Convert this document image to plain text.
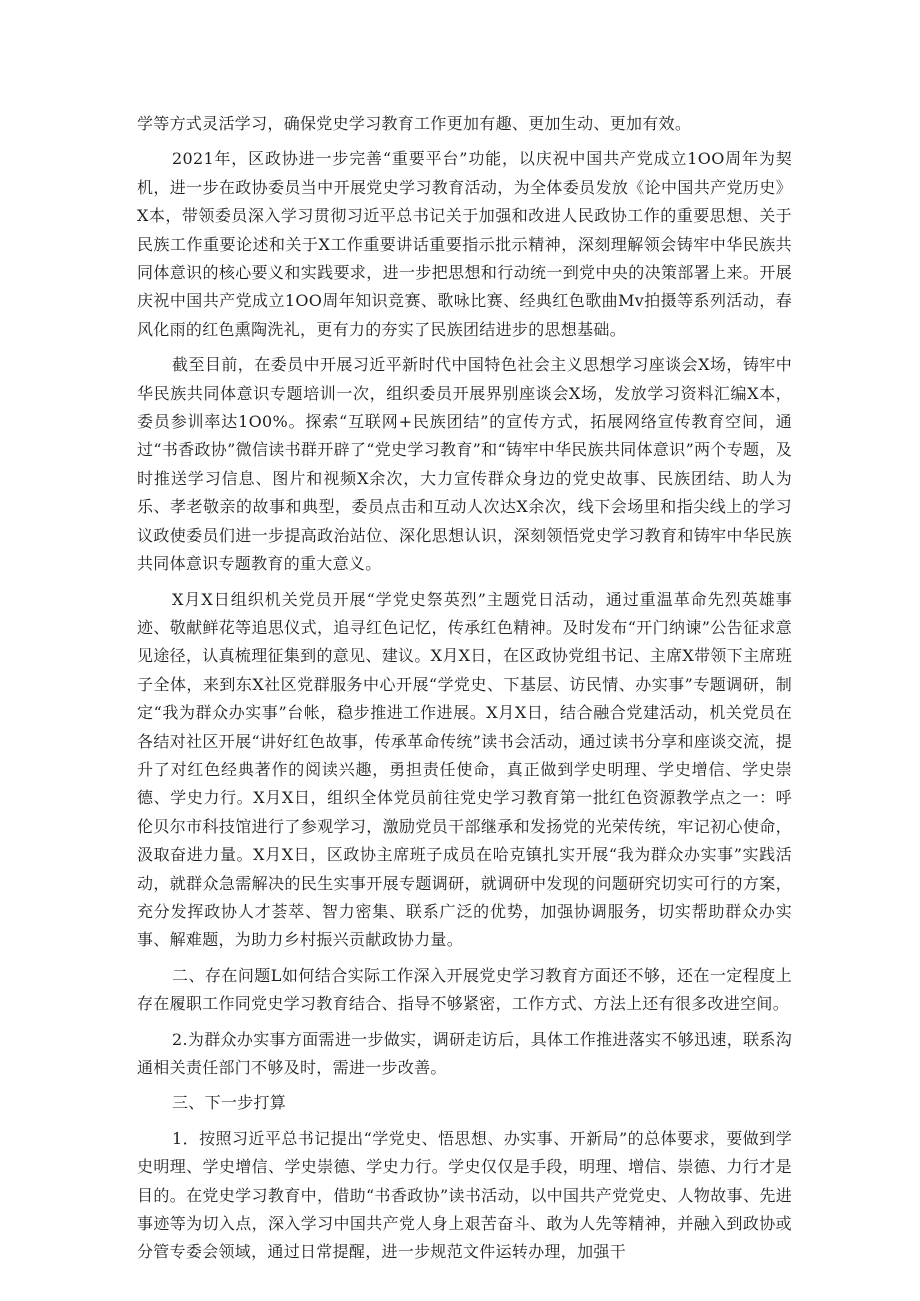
学等方式灵活学习，确保党史学习教育工作更加有趣、更加生动、更加有效。

2021年，区政协进一步完善“重要平台”功能，以庆祝中国共产党成立1OO周年为契机，进一步在政协委员当中开展党史学习教育活动，为全体委员发放《论中国共产党历史》X本，带领委员深入学习贯彻习近平总书记关于加强和改进人民政协工作的重要思想、关于民族工作重要论述和关于X工作重要讲话重要指示批示精神，深刻理解领会铸牢中华民族共同体意识的核心要义和实践要求，进一步把思想和行动统一到党中央的决策部署上来。开展庆祝中国共产党成立1OO周年知识竞赛、歌咏比赛、经典红色歌曲Mv拍摄等系列活动，春风化雨的红色熏陶洗礼，更有力的夯实了民族团结进步的思想基础。

截至目前，在委员中开展习近平新时代中国特色社会主义思想学习座谈会X场，铸牢中华民族共同体意识专题培训一次，组织委员开展界别座谈会X场，发放学习资料汇编X本，委员参训率达1O0%。探索“互联网+民族团结”的宣传方式，拓展网络宣传教育空间，通过“书香政协”微信读书群开辟了“党史学习教育”和“铸牢中华民族共同体意识”两个专题，及时推送学习信息、图片和视频X余次，大力宣传群众身边的党史故事、民族团结、助人为乐、孝老敬亲的故事和典型，委员点击和互动人次达X余次，线下会场里和指尖线上的学习议政使委员们进一步提高政治站位、深化思想认识，深刻领悟党史学习教育和铸牢中华民族共同体意识专题教育的重大意义。

X月X日组织机关党员开展“学党史祭英烈”主题党日活动，通过重温革命先烈英雄事迹、敬献鲜花等追思仪式，追寻红色记忆，传承红色精神。及时发布“开门纳谏”公告征求意见途径，认真梳理征集到的意见、建议。X月X日，在区政协党组书记、主席X带领下主席班子全体，来到东X社区党群服务中心开展“学党史、下基层、访民情、办实事”专题调研，制定“我为群众办实事”台帐，稳步推进工作进展。X月X日，结合融合党建活动，机关党员在各结对社区开展“讲好红色故事，传承革命传统”读书会活动，通过读书分享和座谈交流，提升了对红色经典著作的阅读兴趣，勇担责任使命，真正做到学史明理、学史增信、学史崇德、学史力行。X月X日，组织全体党员前往党史学习教育第一批红色资源教学点之一：呼伦贝尔市科技馆进行了参观学习，激励党员干部继承和发扬党的光荣传统，牢记初心使命，汲取奋进力量。X月X日，区政协主席班子成员在哈克镇扎实开展“我为群众办实事”实践活动，就群众急需解决的民生实事开展专题调研，就调研中发现的问题研究切实可行的方案，充分发挥政协人才荟萃、智力密集、联系广泛的优势，加强协调服务，切实帮助群众办实事、解难题，为助力乡村振兴贡献政协力量。

二、存在问题L如何结合实际工作深入开展党史学习教育方面还不够，还在一定程度上存在履职工作同党史学习教育结合、指导不够紧密，工作方式、方法上还有很多改进空间。

2.为群众办实事方面需进一步做实，调研走访后，具体工作推进落实不够迅速，联系沟通相关责任部门不够及时，需进一步改善。

三、下一步打算

1．按照习近平总书记提出“学党史、悟思想、办实事、开新局”的总体要求，要做到学史明理、学史增信、学史崇德、学史力行。学史仅仅是手段，明理、增信、崇德、力行才是目的。在党史学习教育中，借助“书香政协”读书活动，以中国共产党党史、人物故事、先进事迹等为切入点，深入学习中国共产党人身上艰苦奋斗、敢为人先等精神，并融入到政协或分管专委会领域，通过日常提醒，进一步规范文件运转办理，加强干
